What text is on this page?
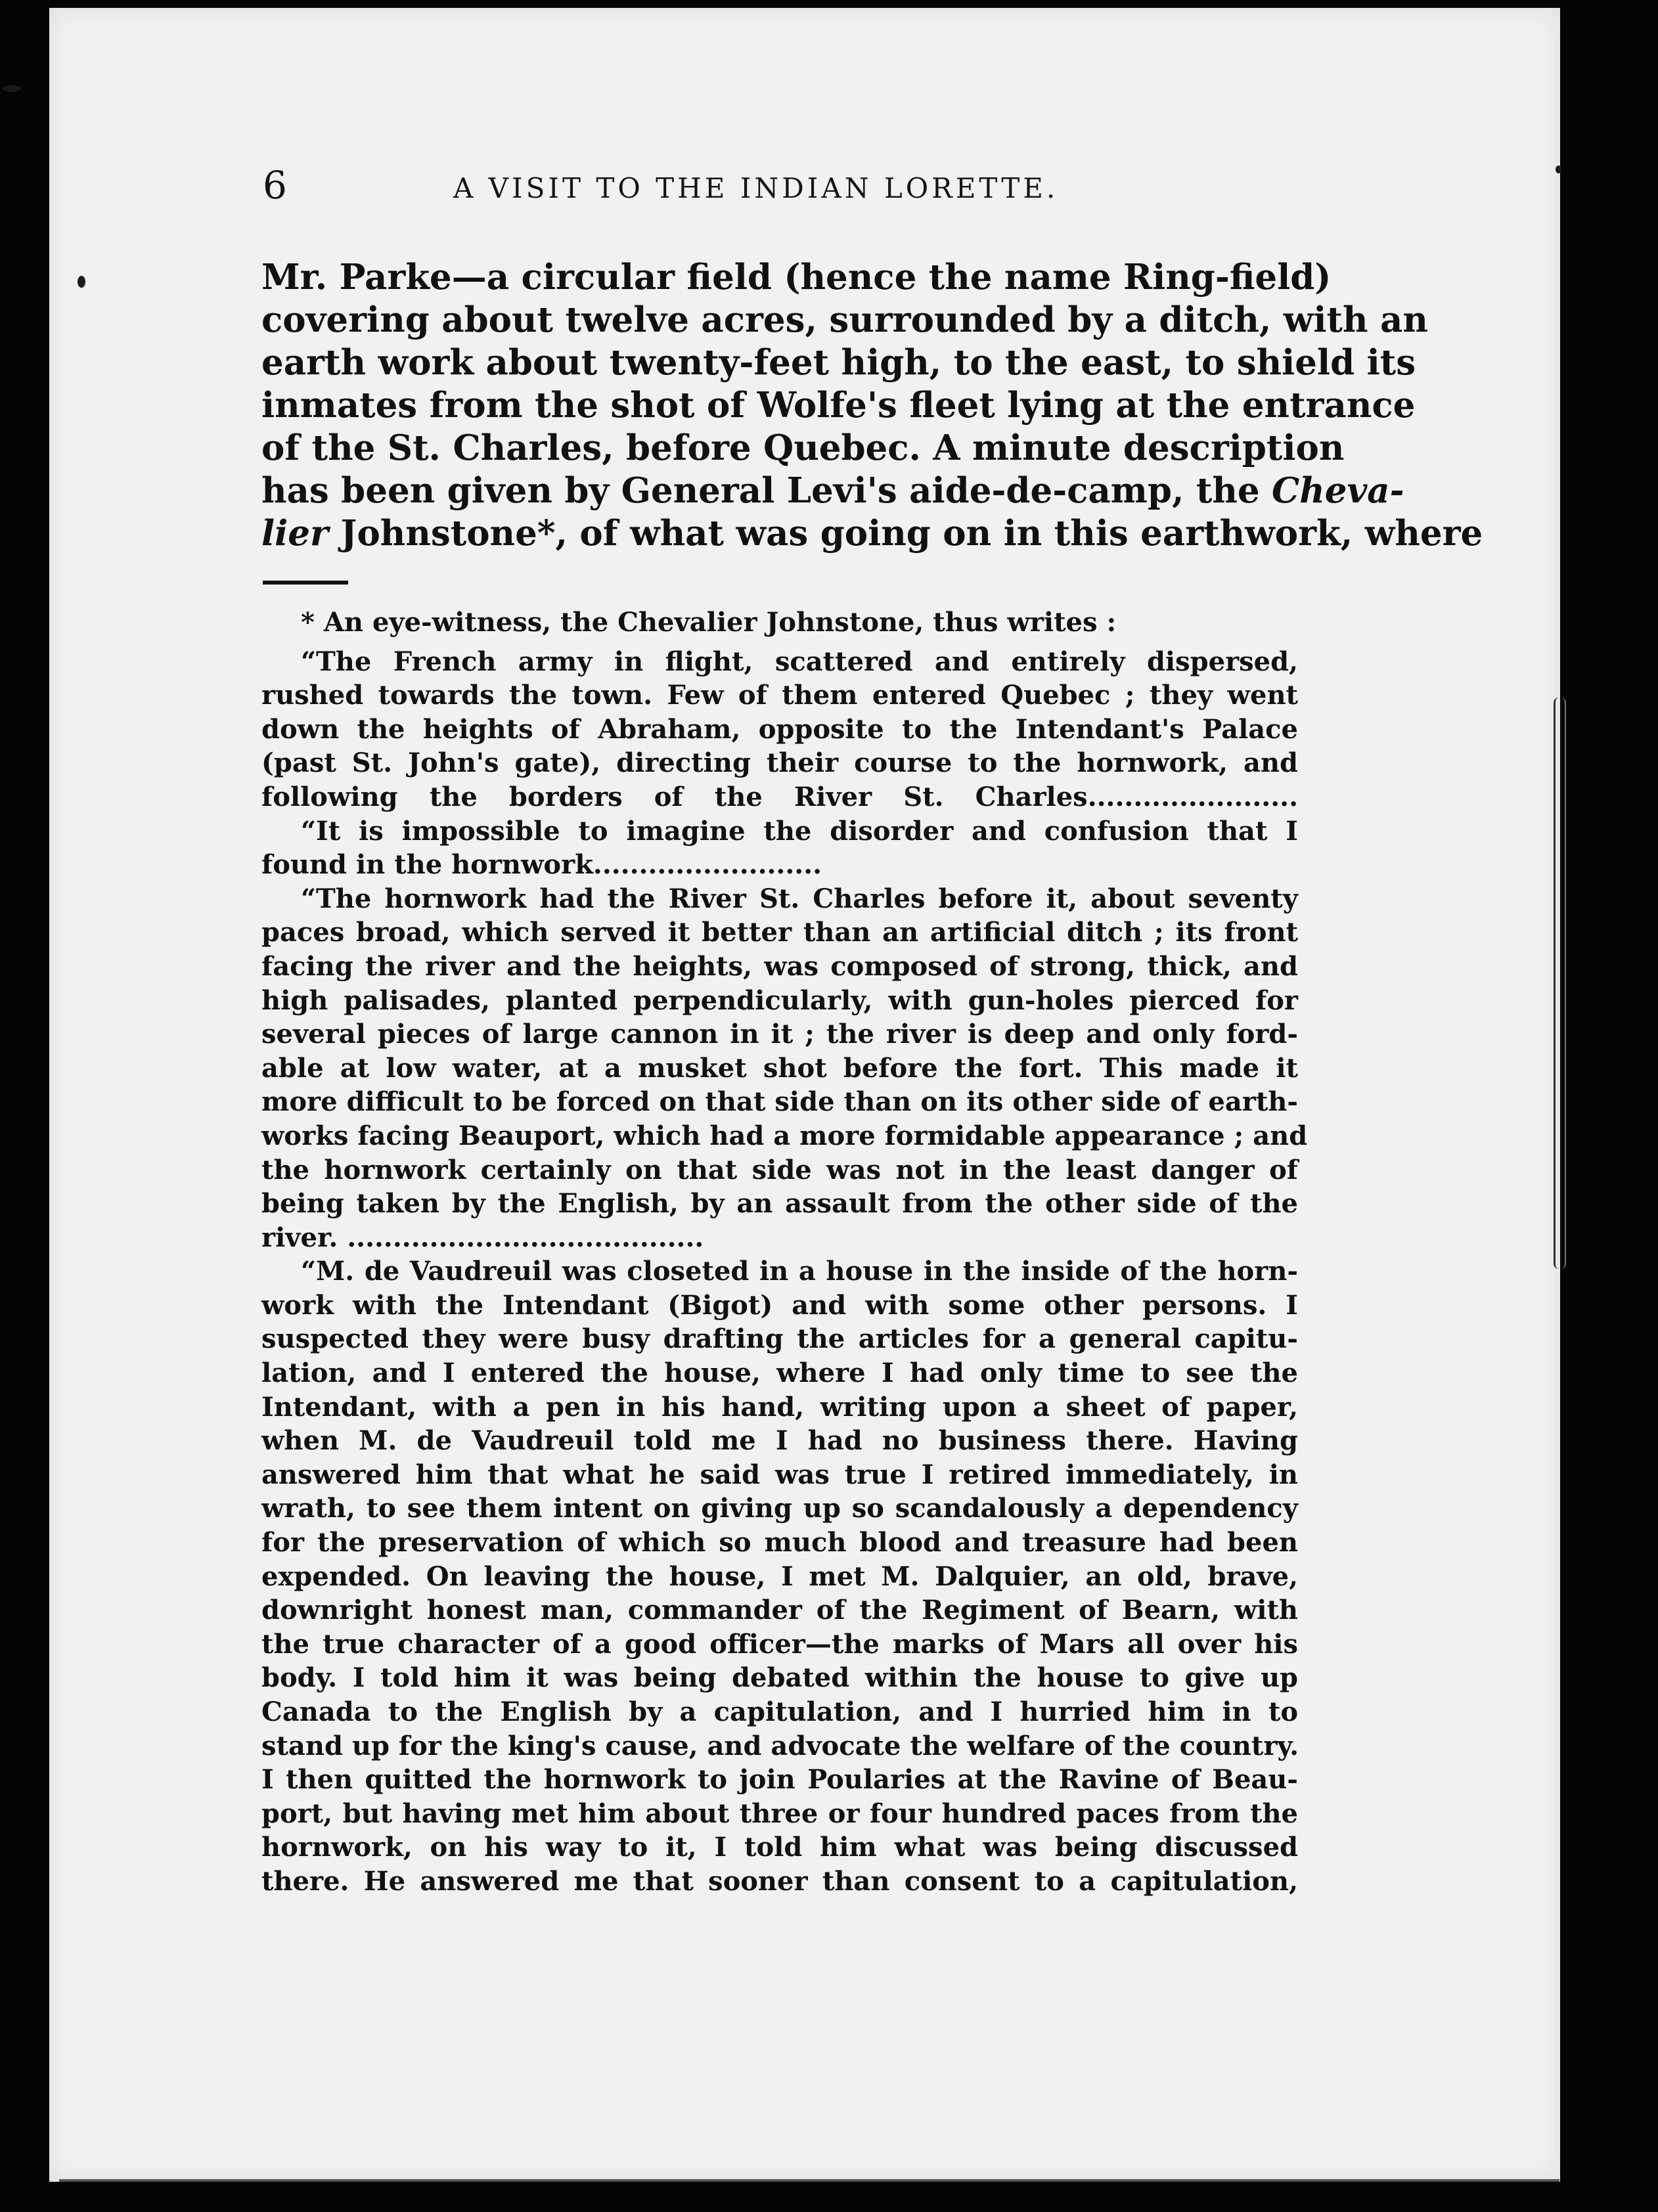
6	A VISIT TO THE INDIAN LORETTE.
Mr. Parke—a circular field (hence the name Ring-field)
covering about twelve acres, surrounded by a ditch, with an
earth work about twenty-feet high, to the east, to shield its
inmates from the shot of Wolfe's fleet lying at the entrance
of the St. Charles, before Quebec. A minute description
has been given by General Levi's aide-de-camp, the Cheva-
lier Johnstone*, of what was going on in this earthwork, where
* An eye-witness, the Chevalier Johnstone, thus writes :
“The French army in flight, scattered and entirely dispersed,
rushed towards the town. Few of them entered Quebec ; they went
down the heights of Abraham, opposite to the Intendant's Palace
(past St. John's gate), directing their course to the hornwork, and
following the borders of the River St. Charles.......................
“It is impossible to imagine the disorder and confusion that I
found in the hornwork.........................
“The hornwork had the River St. Charles before it, about seventy
paces broad, which served it better than an artificial ditch ; its front
facing the river and the heights, was composed of strong, thick, and
high palisades, planted perpendicularly, with gun-holes pierced for
several pieces of large cannon in it ; the river is deep and only ford-
able at low water, at a musket shot before the fort. This made it
more difficult to be forced on that side than on its other side of earth-
works facing Beauport, which had a more formidable appearance ; and
the hornwork certainly on that side was not in the least danger of
being taken by the English, by an assault from the other side of the
river. .......................................
“M. de Vaudreuil was closeted in a house in the inside of the horn-
work with the Intendant (Bigot) and with some other persons. I
suspected they were busy drafting the articles for a general capitu-
lation, and I entered the house, where I had only time to see the
Intendant, with a pen in his hand, writing upon a sheet of paper,
when M. de Vaudreuil told me I had no business there. Having
answered him that what he said was true I retired immediately, in
wrath, to see them intent on giving up so scandalously a dependency
for the preservation of which so much blood and treasure had been
expended. On leaving the house, I met M. Dalquier, an old, brave,
downright honest man, commander of the Regiment of Bearn, with
the true character of a good officer—the marks of Mars all over his
body. I told him it was being debated within the house to give up
Canada to the English by a capitulation, and I hurried him in to
stand up for the king's cause, and advocate the welfare of the country.
I then quitted the hornwork to join Poularies at the Ravine of Beau-
port, but having met him about three or four hundred paces from the
hornwork, on his way to it, I told him what was being discussed
there. He answered me that sooner than consent to a capitulation,
